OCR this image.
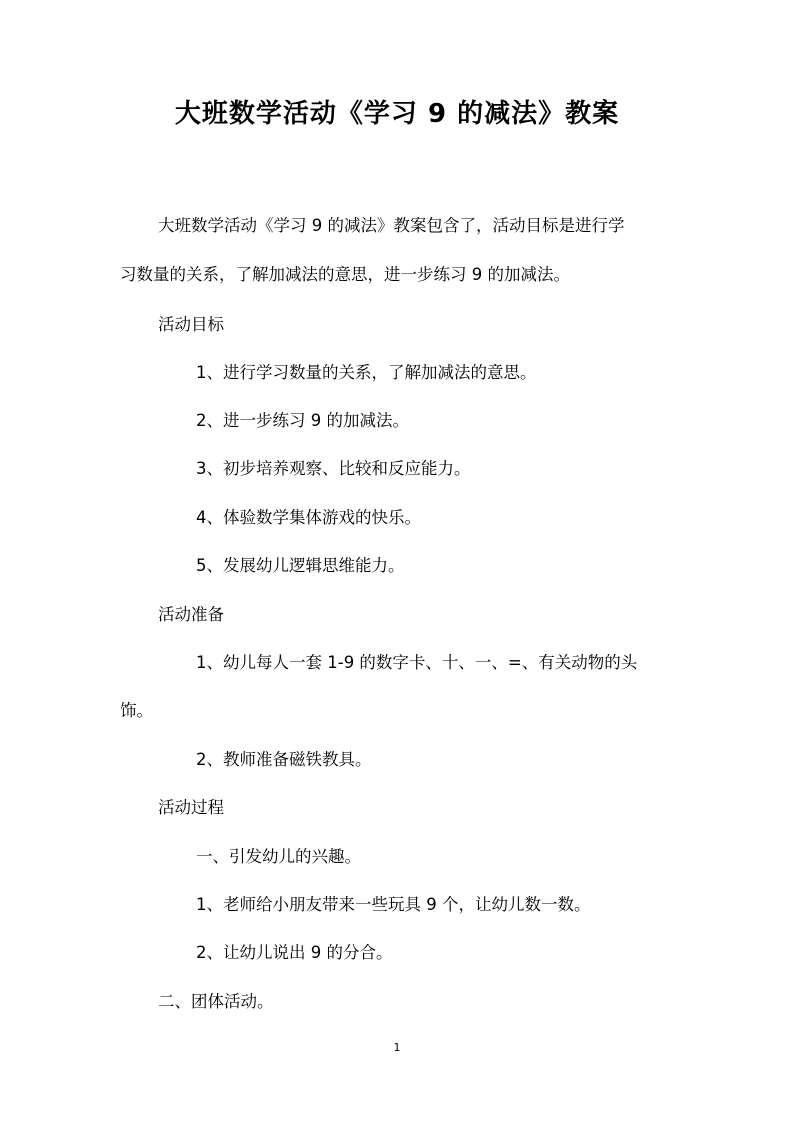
大班数学活动《学习 9 的减法》教案
大班数学活动《学习 9 的减法》教案包含了，活动目标是进行学
习数量的关系，了解加减法的意思，进一步练习 9 的加减法。
活动目标
1、进行学习数量的关系，了解加减法的意思。
2、进一步练习 9 的加减法。
3、初步培养观察、比较和反应能力。
4、体验数学集体游戏的快乐。
5、发展幼儿逻辑思维能力。
活动准备
1、幼儿每人一套 1-9 的数字卡、十、一、=、有关动物的头
饰。
2、教师准备磁铁教具。
活动过程
一、引发幼儿的兴趣。
1、老师给小朋友带来一些玩具 9 个，让幼儿数一数。
2、让幼儿说出 9 的分合。
二、团体活动。
1
